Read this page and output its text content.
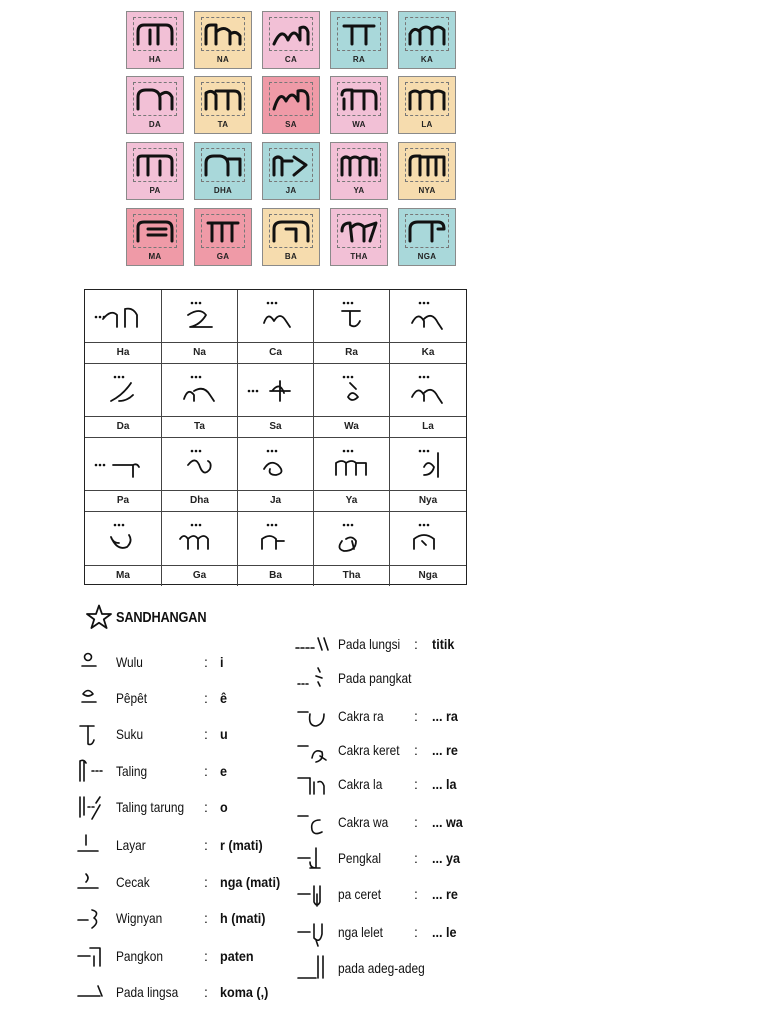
HA	NA	CA	RA	KA
DA	TA	SA	WA	LA
PA	DHA	JA	YA	NYA
MA	GA	BA	THA	NGA
Ha	Na	Ca	Ra	Ka
Da	Ta	Sa	Wa	La
Pa	Dha	Ja	Ya	Nya
Ma	Ga	Ba	Tha	Nga
SANDHANGAN
Wulu	: i
Pêpêt	: ê
Suku	: u
Taling	: e
Taling tarung : o
Layar	: r (mati)
Cecak	: nga (mati)
Wignyan	: h (mati)
Pangkon	: paten
Pada lingsa : koma (,)
Pada lungsi : titik
Pada pangkat
Cakra ra : ... ra
Cakra keret : ... re
Cakra la : ... la
Cakra wa : ... wa
Pengkal : ... ya
pa ceret : ... re
nga lelet : ... le
pada adeg-adeg
